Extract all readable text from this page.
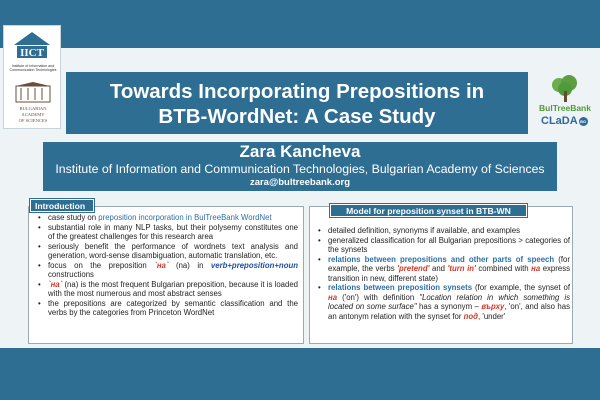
IICT
Institute of Information and Communication Technologies
BULGARIAN
ACADEMY
OF SCIENCES
Towards Incorporating Prepositions in
BTB-WordNet: A Case Study	BulTreeBank
CLaDA BG
Zara Kancheva
Institute of Information and Communication Technologies, Bulgarian Academy of Sciences
zara@bultreebank.org
Introduction
• case study on preposition incorporation in BulTreeBank WordNet
• substantial role in many NLP tasks, but their polysemy constitutes one of the greatest challenges for this research area
• seriously benefit the performance of wordnets text analysis and generation, word-sense disambiguation, automatic translation, etc.
• focus on the preposition `на` (na) in verb+preposition+noun constructions
• `на` (na) is the most frequent Bulgarian preposition, because it is loaded with the most numerous and most abstract senses
• the prepositions are categorized by semantic classification and the verbs by the categories from Princeton WordNet
Model for preposition synset in BTB-WN
• detailed definition, synonyms if available, and examples
• generalized classification for all Bulgarian prepositions > categories of the synsets
• relations between prepositions and other parts of speech (for example, the verbs 'pretend' and 'turn in' combined with на express transition in new, different state)
• relations between preposition synsets (for example, the synset of на ('on') with definition "Location relation in which something is located on some surface" has a synonym – върху, 'on', and also has an antonym relation with the synset for под, 'under'
